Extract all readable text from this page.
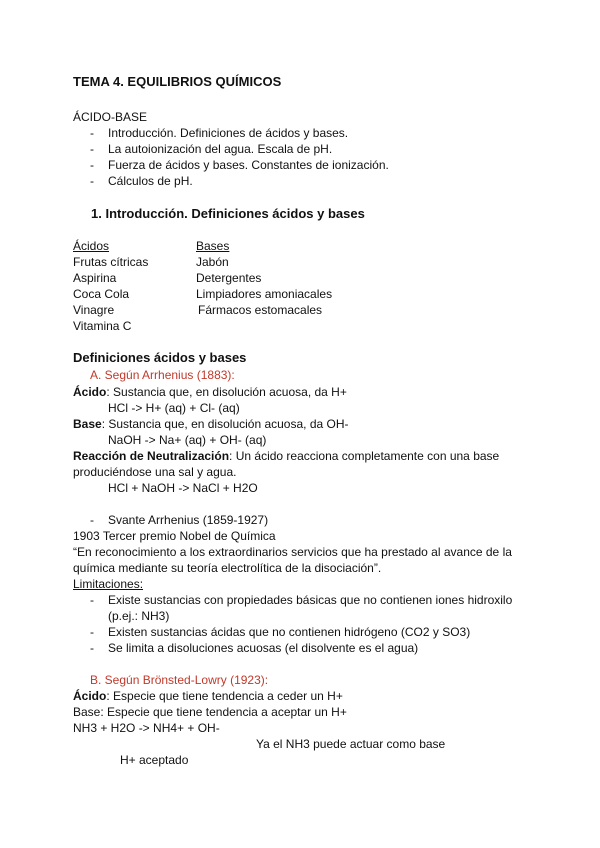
TEMA 4. EQUILIBRIOS QUÍMICOS
ÁCIDO-BASE
- Introducción. Definiciones de ácidos y bases.
- La autoionización del agua. Escala de pH.
- Fuerza de ácidos y bases. Constantes de ionización.
- Cálculos de pH.
1. Introducción. Definiciones ácidos y bases
Ácidos	Bases
Frutas cítricas	Jabón
Aspirina	Detergentes
Coca Cola	Limpiadores amoniacales
Vinagre	Fármacos estomacales
Vitamina C
Definiciones ácidos y bases
A. Según Arrhenius (1883):
Ácido: Sustancia que, en disolución acuosa, da H+
HCl -> H+ (aq) + Cl- (aq)
Base: Sustancia que, en disolución acuosa, da OH-
NaOH -> Na+ (aq) + OH- (aq)
Reacción de Neutralización: Un ácido reacciona completamente con una base
produciéndose una sal y agua.
HCl + NaOH -> NaCl + H2O
- Svante Arrhenius (1859-1927)
1903 Tercer premio Nobel de Química
“En reconocimiento a los extraordinarios servicios que ha prestado al avance de la
química mediante su teoría electrolítica de la disociación”.
Limitaciones:
- Existe sustancias con propiedades básicas que no contienen iones hidroxilo
(p.ej.: NH3)
- Existen sustancias ácidas que no contienen hidrógeno (CO2 y SO3)
- Se limita a disoluciones acuosas (el disolvente es el agua)
B. Según Brönsted-Lowry (1923):
Ácido: Especie que tiene tendencia a ceder un H+
Base: Especie que tiene tendencia a aceptar un H+
NH3 + H2O -> NH4+ + OH-
Ya el NH3 puede actuar como base
H+ aceptado
